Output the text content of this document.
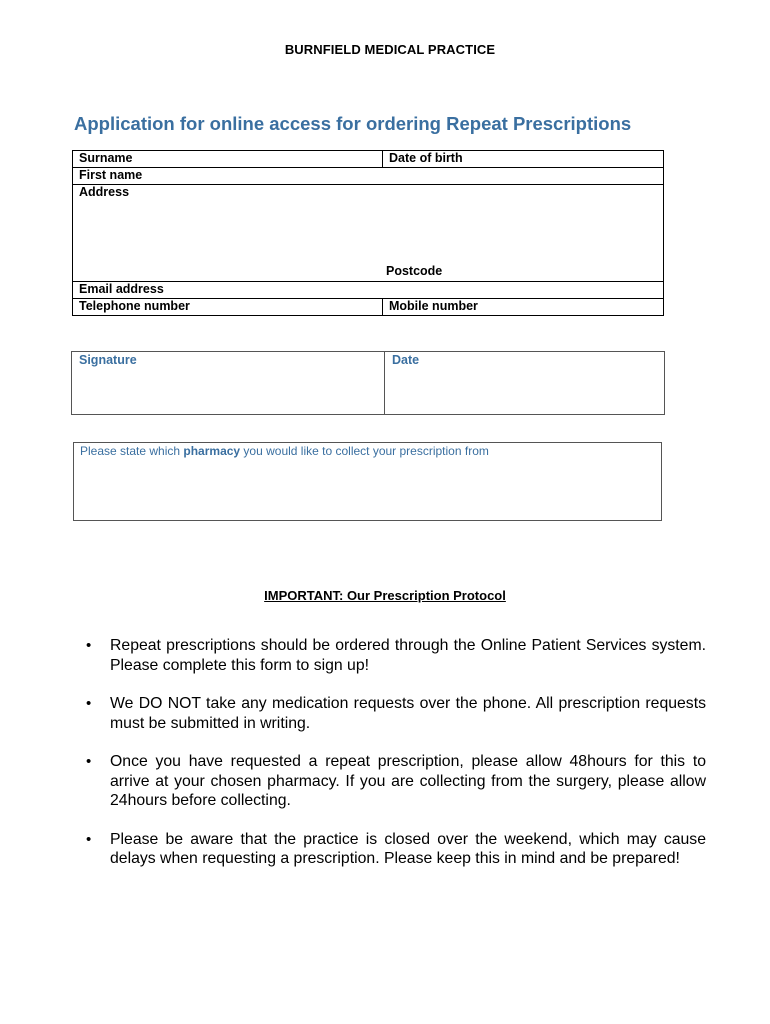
BURNFIELD MEDICAL PRACTICE
Application for online access for ordering Repeat Prescriptions
Surname	Date of birth
First name	
Address
Postcode	

Email address	
Telephone number	Mobile number
Signature	Date
Please state which pharmacy you would like to collect your prescription from
IMPORTANT: Our Prescription Protocol
• Repeat prescriptions should be ordered through the Online Patient Services system. Please complete this form to sign up!
• We DO NOT take any medication requests over the phone. All prescription requests must be submitted in writing.
• Once you have requested a repeat prescription, please allow 48hours for this to arrive at your chosen pharmacy. If you are collecting from the surgery, please allow 24hours before collecting.
• Please be aware that the practice is closed over the weekend, which may cause delays when requesting a prescription. Please keep this in mind and be prepared!
